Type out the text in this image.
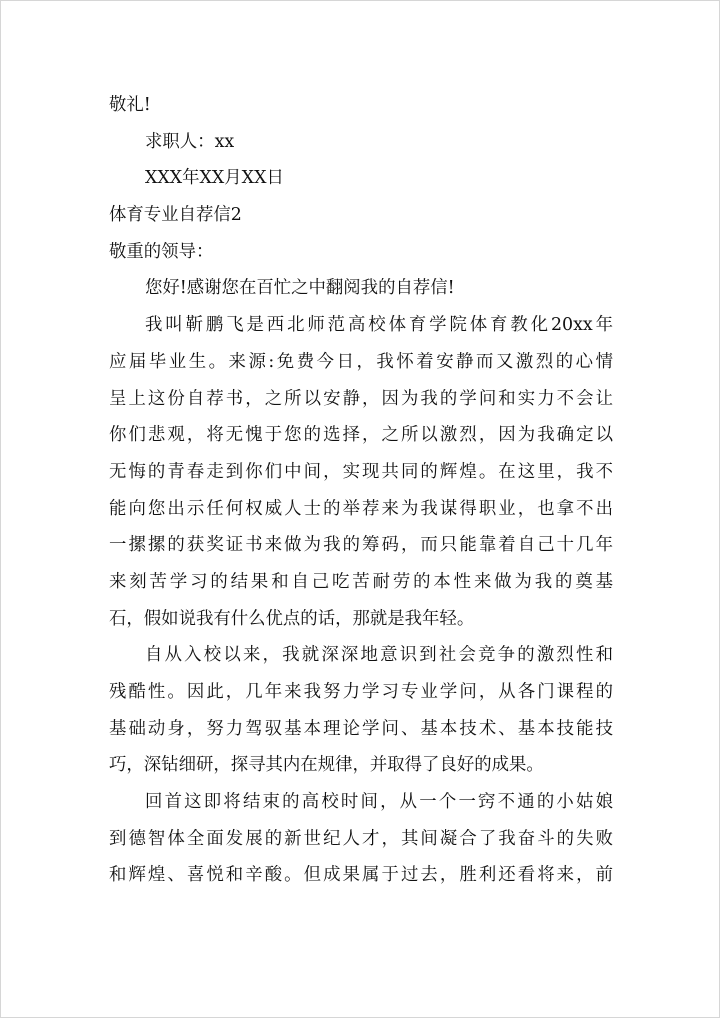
敬礼!

求职人：xx

XXX年XX月XX日

体育专业自荐信2

敬重的领导：

您好!感谢您在百忙之中翻阅我的自荐信!

我叫靳鹏飞是西北师范高校体育学院体育教化20xx年

应届毕业生。来源:免费今日，我怀着安静而又激烈的心情

呈上这份自荐书，之所以安静，因为我的学问和实力不会让

你们悲观，将无愧于您的选择，之所以激烈，因为我确定以

无悔的青春走到你们中间，实现共同的辉煌。在这里，我不

能向您出示任何权威人士的举荐来为我谋得职业，也拿不出

一摞摞的获奖证书来做为我的筹码，而只能靠着自己十几年

来刻苦学习的结果和自己吃苦耐劳的本性来做为我的奠基

石，假如说我有什么优点的话，那就是我年轻。

自从入校以来，我就深深地意识到社会竞争的激烈性和

残酷性。因此，几年来我努力学习专业学问，从各门课程的

基础动身，努力驾驭基本理论学问、基本技术、基本技能技

巧，深钻细研，探寻其内在规律，并取得了良好的成果。

回首这即将结束的高校时间，从一个一窍不通的小姑娘

到德智体全面发展的新世纪人才，其间凝合了我奋斗的失败

和辉煌、喜悦和辛酸。但成果属于过去，胜利还看将来，前
